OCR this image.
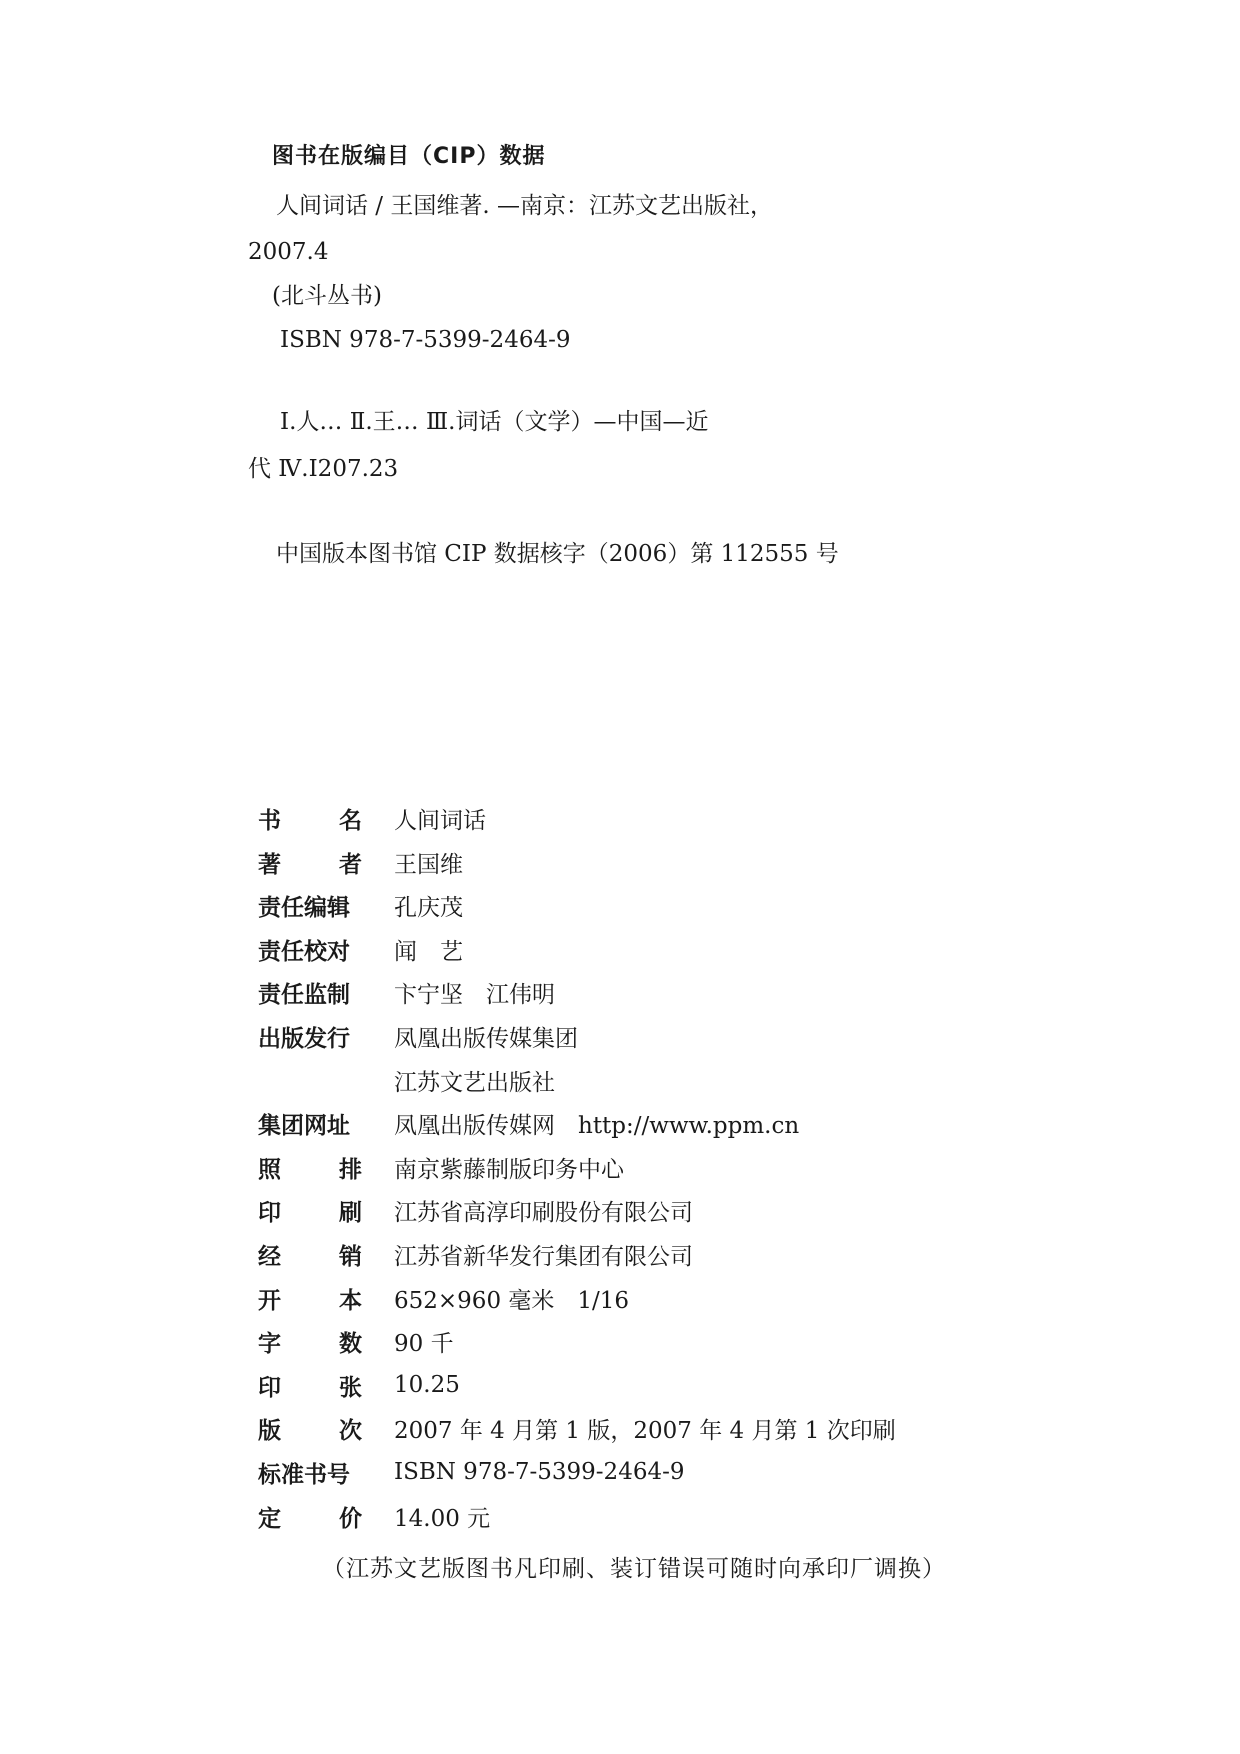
图书在版编目（CIP）数据
人间词话 / 王国维著. —南京：江苏文艺出版社，
2007.4
(北斗丛书)
ISBN 978-7-5399-2464-9
Ⅰ.人… Ⅱ.王… Ⅲ.词话（文学）—中国—近
代 Ⅳ.I207.23
中国版本图书馆 CIP 数据核字（2006）第 112555 号
书	名 人间词话
著	者 王国维
责任编辑 孔庆茂
责任校对 闻　艺
责任监制 卞宁坚　江伟明
出版发行 凤凰出版传媒集团
江苏文艺出版社
集团网址 凤凰出版传媒网　http://www.ppm.cn
照	排 南京紫藤制版印务中心
印	刷 江苏省高淳印刷股份有限公司
经	销 江苏省新华发行集团有限公司
开	本 652×960 毫米　1/16
字	数 90 千
印	张 10.25
版	次 2007 年 4 月第 1 版，2007 年 4 月第 1 次印刷
标准书号 ISBN 978-7-5399-2464-9
定	价 14.00 元
（江苏文艺版图书凡印刷、装订错误可随时向承印厂调换）
